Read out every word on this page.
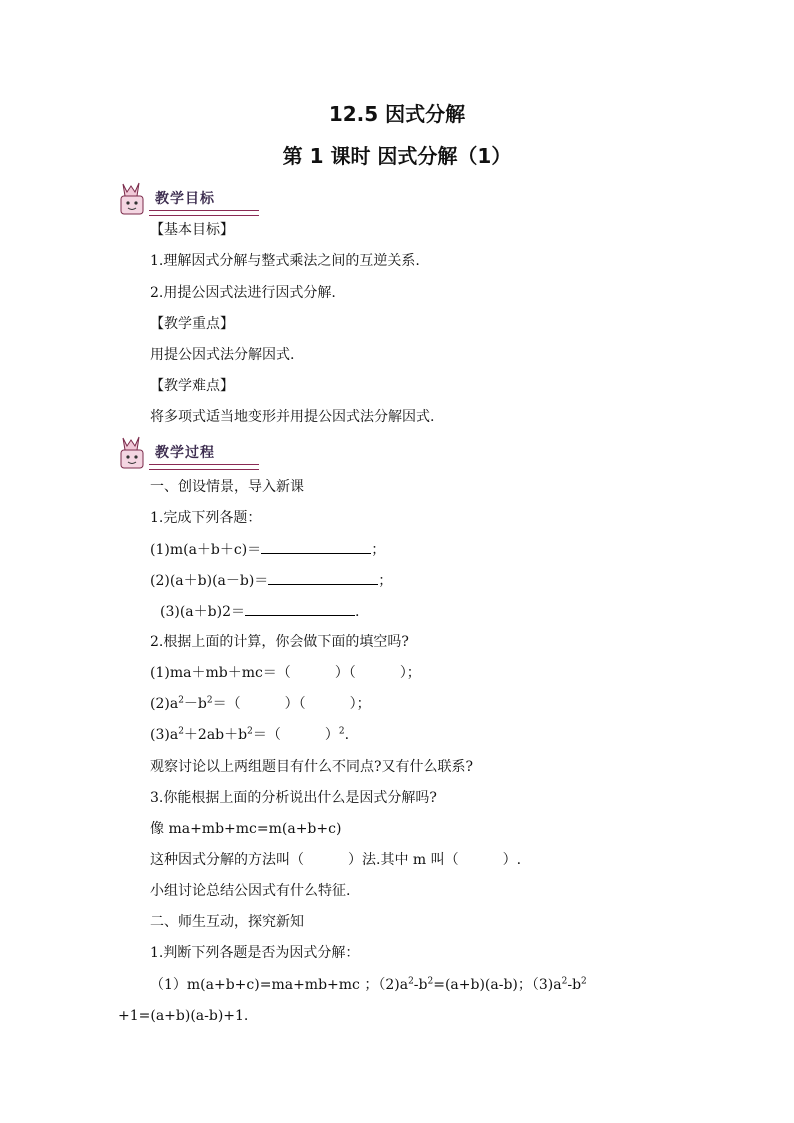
12.5 因式分解
第 1 课时 因式分解（1）
教学目标
【基本目标】
1.理解因式分解与整式乘法之间的互逆关系.
2.用提公因式法进行因式分解.
【教学重点】
用提公因式法分解因式.
【教学难点】
将多项式适当地变形并用提公因式法分解因式.
教学过程
一、创设情景，导入新课
1.完成下列各题：
(1)m(a＋b＋c)＝	；
(2)(a＋b)(a－b)＝	；
(3)(a＋b)2＝	.
2.根据上面的计算，你会做下面的填空吗?
(1)ma＋mb＋mc＝（	）（	）；
$(2)a^2-b^2=$（	）（	）；
$(3)a^2+2ab+b^2=$（	）$^2$.
观察讨论以上两组题目有什么不同点?又有什么联系?
3.你能根据上面的分析说出什么是因式分解吗?
像 ma+mb+mc=m(a+b+c)
这种因式分解的方法叫（	）法.其中 m 叫（	）.
小组讨论总结公因式有什么特征.
二、师生互动，探究新知
1.判断下列各题是否为因式分解：
（1）m(a+b+c)=ma+mb+mc ；$(2)a^2-b^2=(a+b)(a-b)$；$(3)a^2-b^2$
+1=(a+b)(a-b)+1.
